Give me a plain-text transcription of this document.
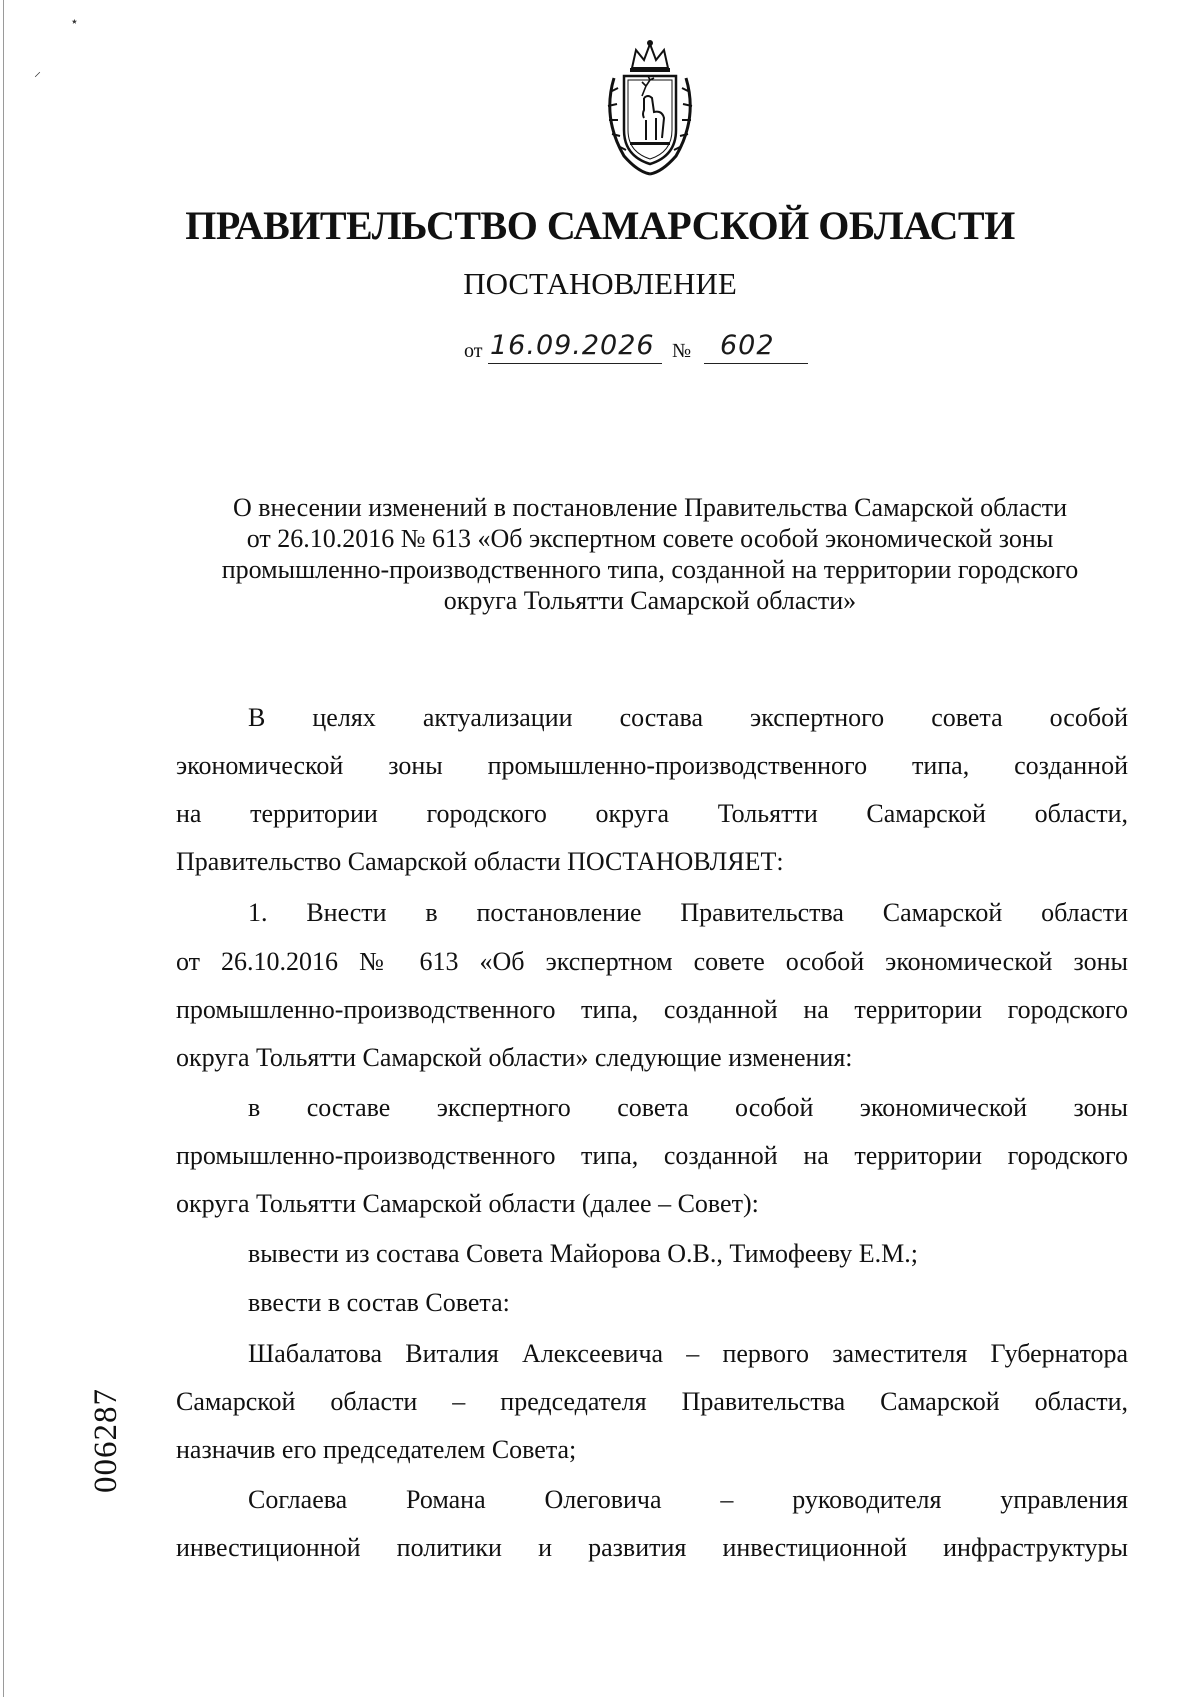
⋆
⸝
ПРАВИТЕЛЬСТВО САМАРСКОЙ ОБЛАСТИ
ПОСТАНОВЛЕНИЕ
от 16.09.2026 № 602
О внесении изменений в постановление Правительства Самарской области
от 26.10.2016 № 613 «Об экспертном совете особой экономической зоны
промышленно-производственного типа, созданной на территории городского
округа Тольятти Самарской области»
В целях актуализации состава экспертного совета особой
экономической зоны промышленно-производственного типа, созданной
на территории городского округа Тольятти Самарской области,
Правительство Самарской области ПОСТАНОВЛЯЕТ:
1. Внести в постановление Правительства Самарской области
от 26.10.2016 № 613 «Об экспертном совете особой экономической зоны
промышленно-производственного типа, созданной на территории городского
округа Тольятти Самарской области» следующие изменения:
в составе экспертного совета особой экономической зоны
промышленно-производственного типа, созданной на территории городского
округа Тольятти Самарской области (далее – Совет):
вывести из состава Совета Майорова О.В., Тимофееву Е.М.;
ввести в состав Совета:
Шабалатова Виталия Алексеевича – первого заместителя Губернатора
Самарской области – председателя Правительства Самарской области,
назначив его председателем Совета;
Соглаева Романа Олеговича – руководителя управления
инвестиционной политики и развития инвестиционной инфраструктуры
006287
